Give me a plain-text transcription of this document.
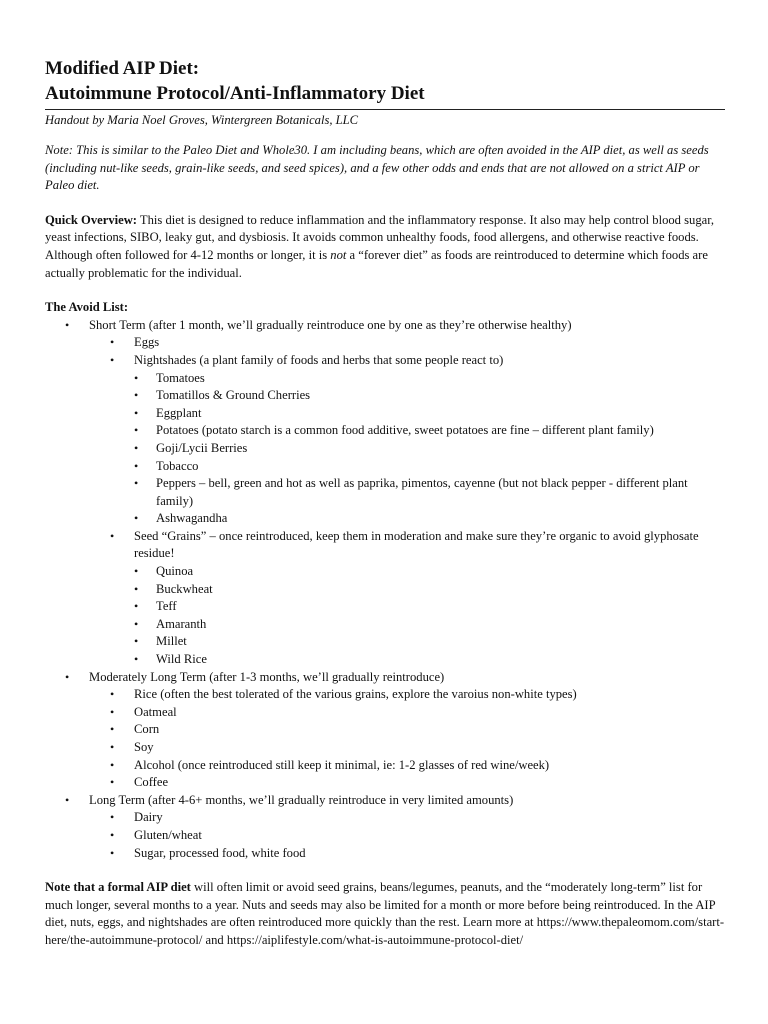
Modified AIP Diet:
Autoimmune Protocol/Anti-Inflammatory Diet

Handout by Maria Noel Groves, Wintergreen Botanicals, LLC

Note: This is similar to the Paleo Diet and Whole30. I am including beans, which are often avoided in the AIP diet, as well as seeds (including nut-like seeds, grain-like seeds, and seed spices), and a few other odds and ends that are not allowed on a strict AIP or Paleo diet.

Quick Overview: This diet is designed to reduce inflammation and the inflammatory response. It also may help control blood sugar, yeast infections, SIBO, leaky gut, and dysbiosis. It avoids common unhealthy foods, food allergens, and otherwise reactive foods. Although often followed for 4-12 months or longer, it is not a “forever diet” as foods are reintroduced to determine which foods are actually problematic for the individual.

The Avoid List:

• Short Term (after 1 month, we’ll gradually reintroduce one by one as they’re otherwise healthy)
• Eggs
• Nightshades (a plant family of foods and herbs that some people react to)
• Tomatoes
• Tomatillos & Ground Cherries
• Eggplant
• Potatoes (potato starch is a common food additive, sweet potatoes are fine – different plant family)
• Goji/Lycii Berries
• Tobacco
• Peppers – bell, green and hot as well as paprika, pimentos, cayenne (but not black pepper - different plant family)
• Ashwagandha
• Seed “Grains” – once reintroduced, keep them in moderation and make sure they’re organic to avoid glyphosate residue!
• Quinoa
• Buckwheat
• Teff
• Amaranth
• Millet
• Wild Rice
• Moderately Long Term (after 1-3 months, we’ll gradually reintroduce)
• Rice (often the best tolerated of the various grains, explore the varoius non-white types)
• Oatmeal
• Corn
• Soy
• Alcohol (once reintroduced still keep it minimal, ie: 1-2 glasses of red wine/week)
• Coffee
• Long Term (after 4-6+ months, we’ll gradually reintroduce in very limited amounts)
• Dairy
• Gluten/wheat
• Sugar, processed food, white food

Note that a formal AIP diet will often limit or avoid seed grains, beans/legumes, peanuts, and the “moderately long-term” list for much longer, several months to a year. Nuts and seeds may also be limited for a month or more before being reintroduced. In the AIP diet, nuts, eggs, and nightshades are often reintroduced more quickly than the rest. Learn more at https://www.thepaleomom.com/start-here/the-autoimmune-protocol/ and https://aiplifestyle.com/what-is-autoimmune-protocol-diet/
